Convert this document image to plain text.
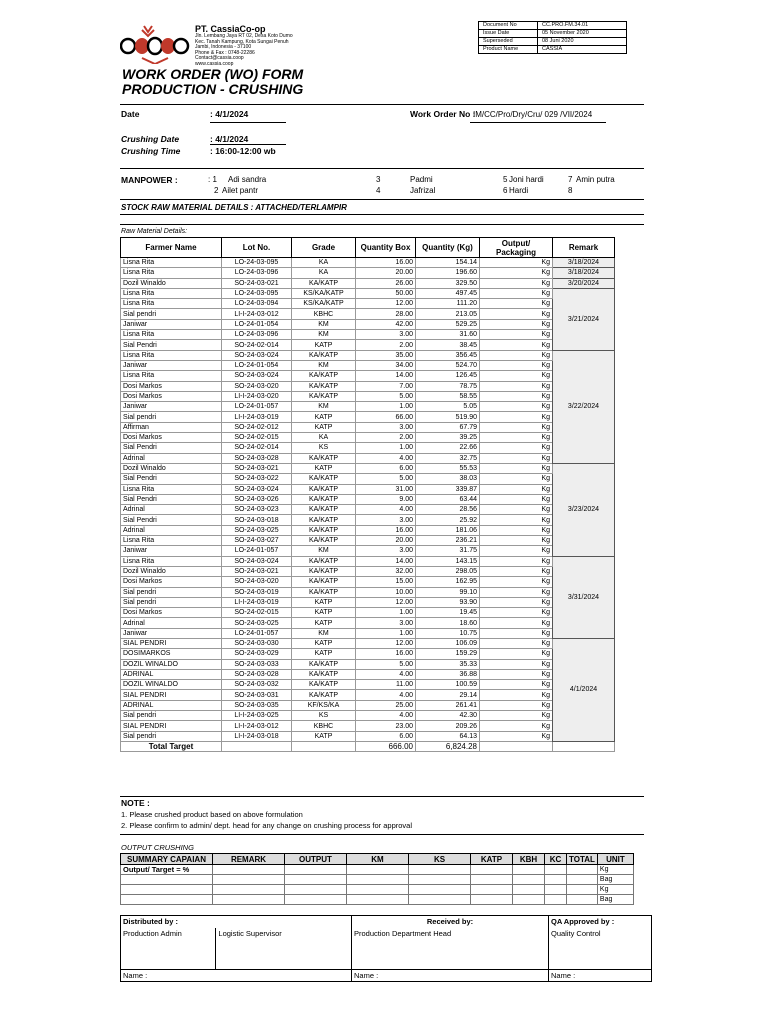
PT. CassiaCo-op
Jln. Lembang Jaya RT 02, Desa Koto Dumo
Kec. Tanah Kampung, Kota Sungai Penuh
Jambi, Indonesia - 37100
Phone & Fax : 0748-22286
Contact@cassia.coop
www.cassia.coop
Document No	CC.PRO.FM.34.01
Issue Date	05 November 2020
Superseded	08 Juni 2020
Product Name	CASSIA
WORK ORDER (WO) FORM
PRODUCTION - CRUSHING
Date	: 4/1/2024	Work Order No :
IM/CC/Pro/Dry/Cru/ 029 /VII/2024
Crushing Date	: 4/1/2024
Crushing Time	: 16:00-12:00 wb
MANPOWER :	: 1 Adi sandra
2 Ailet pantr
3	Padmi
4	Jafrizal
5 Joni hardi
6 Hardi
7 Amin putra
8
STOCK RAW MATERIAL DETAILS : ATTACHED/TERLAMPIR
Raw Material Details:
Farmer Name	Lot No.	Grade	Quantity Box	Quantity (Kg)	Output/ Packaging	Remark
Lisna Rita	LO-24-03-095	KA	16.00	154.14	Kg	3/18/2024
Lisna Rita	LO-24-03-096	KA	20.00	196.60	Kg	3/18/2024
Dozil Winaldo	SO-24-03-021	KA/KATP	26.00	329.50	Kg	3/20/2024
Lisna Rita	LO-24-03-095	KS/KA/KATP	50.00	497.45	Kg	3/21/2024
Lisna Rita	LO-24-03-094	KS/KA/KATP	12.00	111.20	Kg	
Sial pendri	LI-I-24-03-012	KBHC	28.00	213.05	Kg	
Janiwar	LO-24-01-054	KM	42.00	529.25	Kg	
Lisna Rita	LO-24-03-096	KM	3.00	31.60	Kg	
Sial Pendri	SO-24-02-014	KATP	2.00	38.45	Kg	
Lisna Rita	SO-24-03-024	KA/KATP	35.00	356.45	Kg	3/22/2024
Janiwar	LO-24-01-054	KM	34.00	524.70	Kg	
Lisna Rita	SO-24-03-024	KA/KATP	14.00	126.45	Kg	
Dosi Markos	SO-24-03-020	KA/KATP	7.00	78.75	Kg	
Dosi Markos	LI-I-24-03-020	KA/KATP	5.00	58.55	Kg	
Janiwar	LO-24-01-057	KM	1.00	5.05	Kg	
Sial pendri	LI-I-24-03-019	KATP	66.00	519.90	Kg	
Affirman	SO-24-02-012	KATP	3.00	67.79	Kg	
Dosi Markos	SO-24-02-015	KA	2.00	39.25	Kg	
Sial Pendri	SO-24-02-014	KS	1.00	22.66	Kg	
Adrinal	SO-24-03-028	KA/KATP	4.00	32.75	Kg	
Dozil Winaldo	SO-24-03-021	KATP	6.00	55.53	Kg	3/23/2024
Sial Pendri	SO-24-03-022	KA/KATP	5.00	38.03	Kg	
Lisna Rita	SO-24-03-024	KA/KATP	31.00	339.87	Kg	
Sial Pendri	SO-24-03-026	KA/KATP	9.00	63.44	Kg	
Adrinal	SO-24-03-023	KA/KATP	4.00	28.56	Kg	
Sial Pendri	SO-24-03-018	KA/KATP	3.00	25.92	Kg	
Adrinal	SO-24-03-025	KA/KATP	16.00	181.06	Kg	
Lisna Rita	SO-24-03-027	KA/KATP	20.00	236.21	Kg	
Janiwar	LO-24-01-057	KM	3.00	31.75	Kg	
Lisna Rita	SO-24-03-024	KA/KATP	14.00	143.15	Kg	3/31/2024
Dozil Winaldo	SO-24-03-021	KA/KATP	32.00	298.05	Kg	
Dosi Markos	SO-24-03-020	KA/KATP	15.00	162.95	Kg	
Sial pendri	SO-24-03-019	KA/KATP	10.00	99.10	Kg	
Sial pendri	LI-I-24-03-019	KATP	12.00	93.90	Kg	
Dosi Markos	SO-24-02-015	KATP	1.00	19.45	Kg	
Adrinal	SO-24-03-025	KATP	3.00	18.60	Kg	
Janiwar	LO-24-01-057	KM	1.00	10.75	Kg	
SIAL PENDRI	SO-24-03-030	KATP	12.00	106.09	Kg	4/1/2024
DOSIMARKOS	SO-24-03-029	KATP	16.00	159.29	Kg	
DOZIL WINALDO	SO-24-03-033	KA/KATP	5.00	35.33	Kg	
ADRINAL	SO-24-03-028	KA/KATP	4.00	36.88	Kg	
DOZIL WINALDO	SO-24-03-032	KA/KATP	11.00	100.59	Kg	
SIAL PENDRI	SO-24-03-031	KA/KATP	4.00	29.14	Kg	
ADRINAL	SO-24-03-035	KF/KS/KA	25.00	261.41	Kg	
Sial pendri	LI-I-24-03-025	KS	4.00	42.30	Kg	
SIAL PENDRI	LI-I-24-03-012	KBHC	23.00	209.26	Kg	
Sial pendri	LI-I-24-03-018	KATP	6.00	64.13	Kg	
Total Target			666.00	6,824.28		
NOTE :
1. Please crushed product based on above formulation
2. Please confirm to admin/ dept. head for any change on crushing process for approval
OUTPUT CRUSHING
SUMMARY CAPAIAN	REMARK	OUTPUT	KM	KS	KATP	KBH	KC	TOTAL	UNIT
Output/ Target = %									Kg
									Bag
									Kg
									Bag
Distributed by :		Received by:	QA Approved by :
Production Admin	Logistic Supervisor	Production Department Head	Quality Control
Name :		Name :	Name :
